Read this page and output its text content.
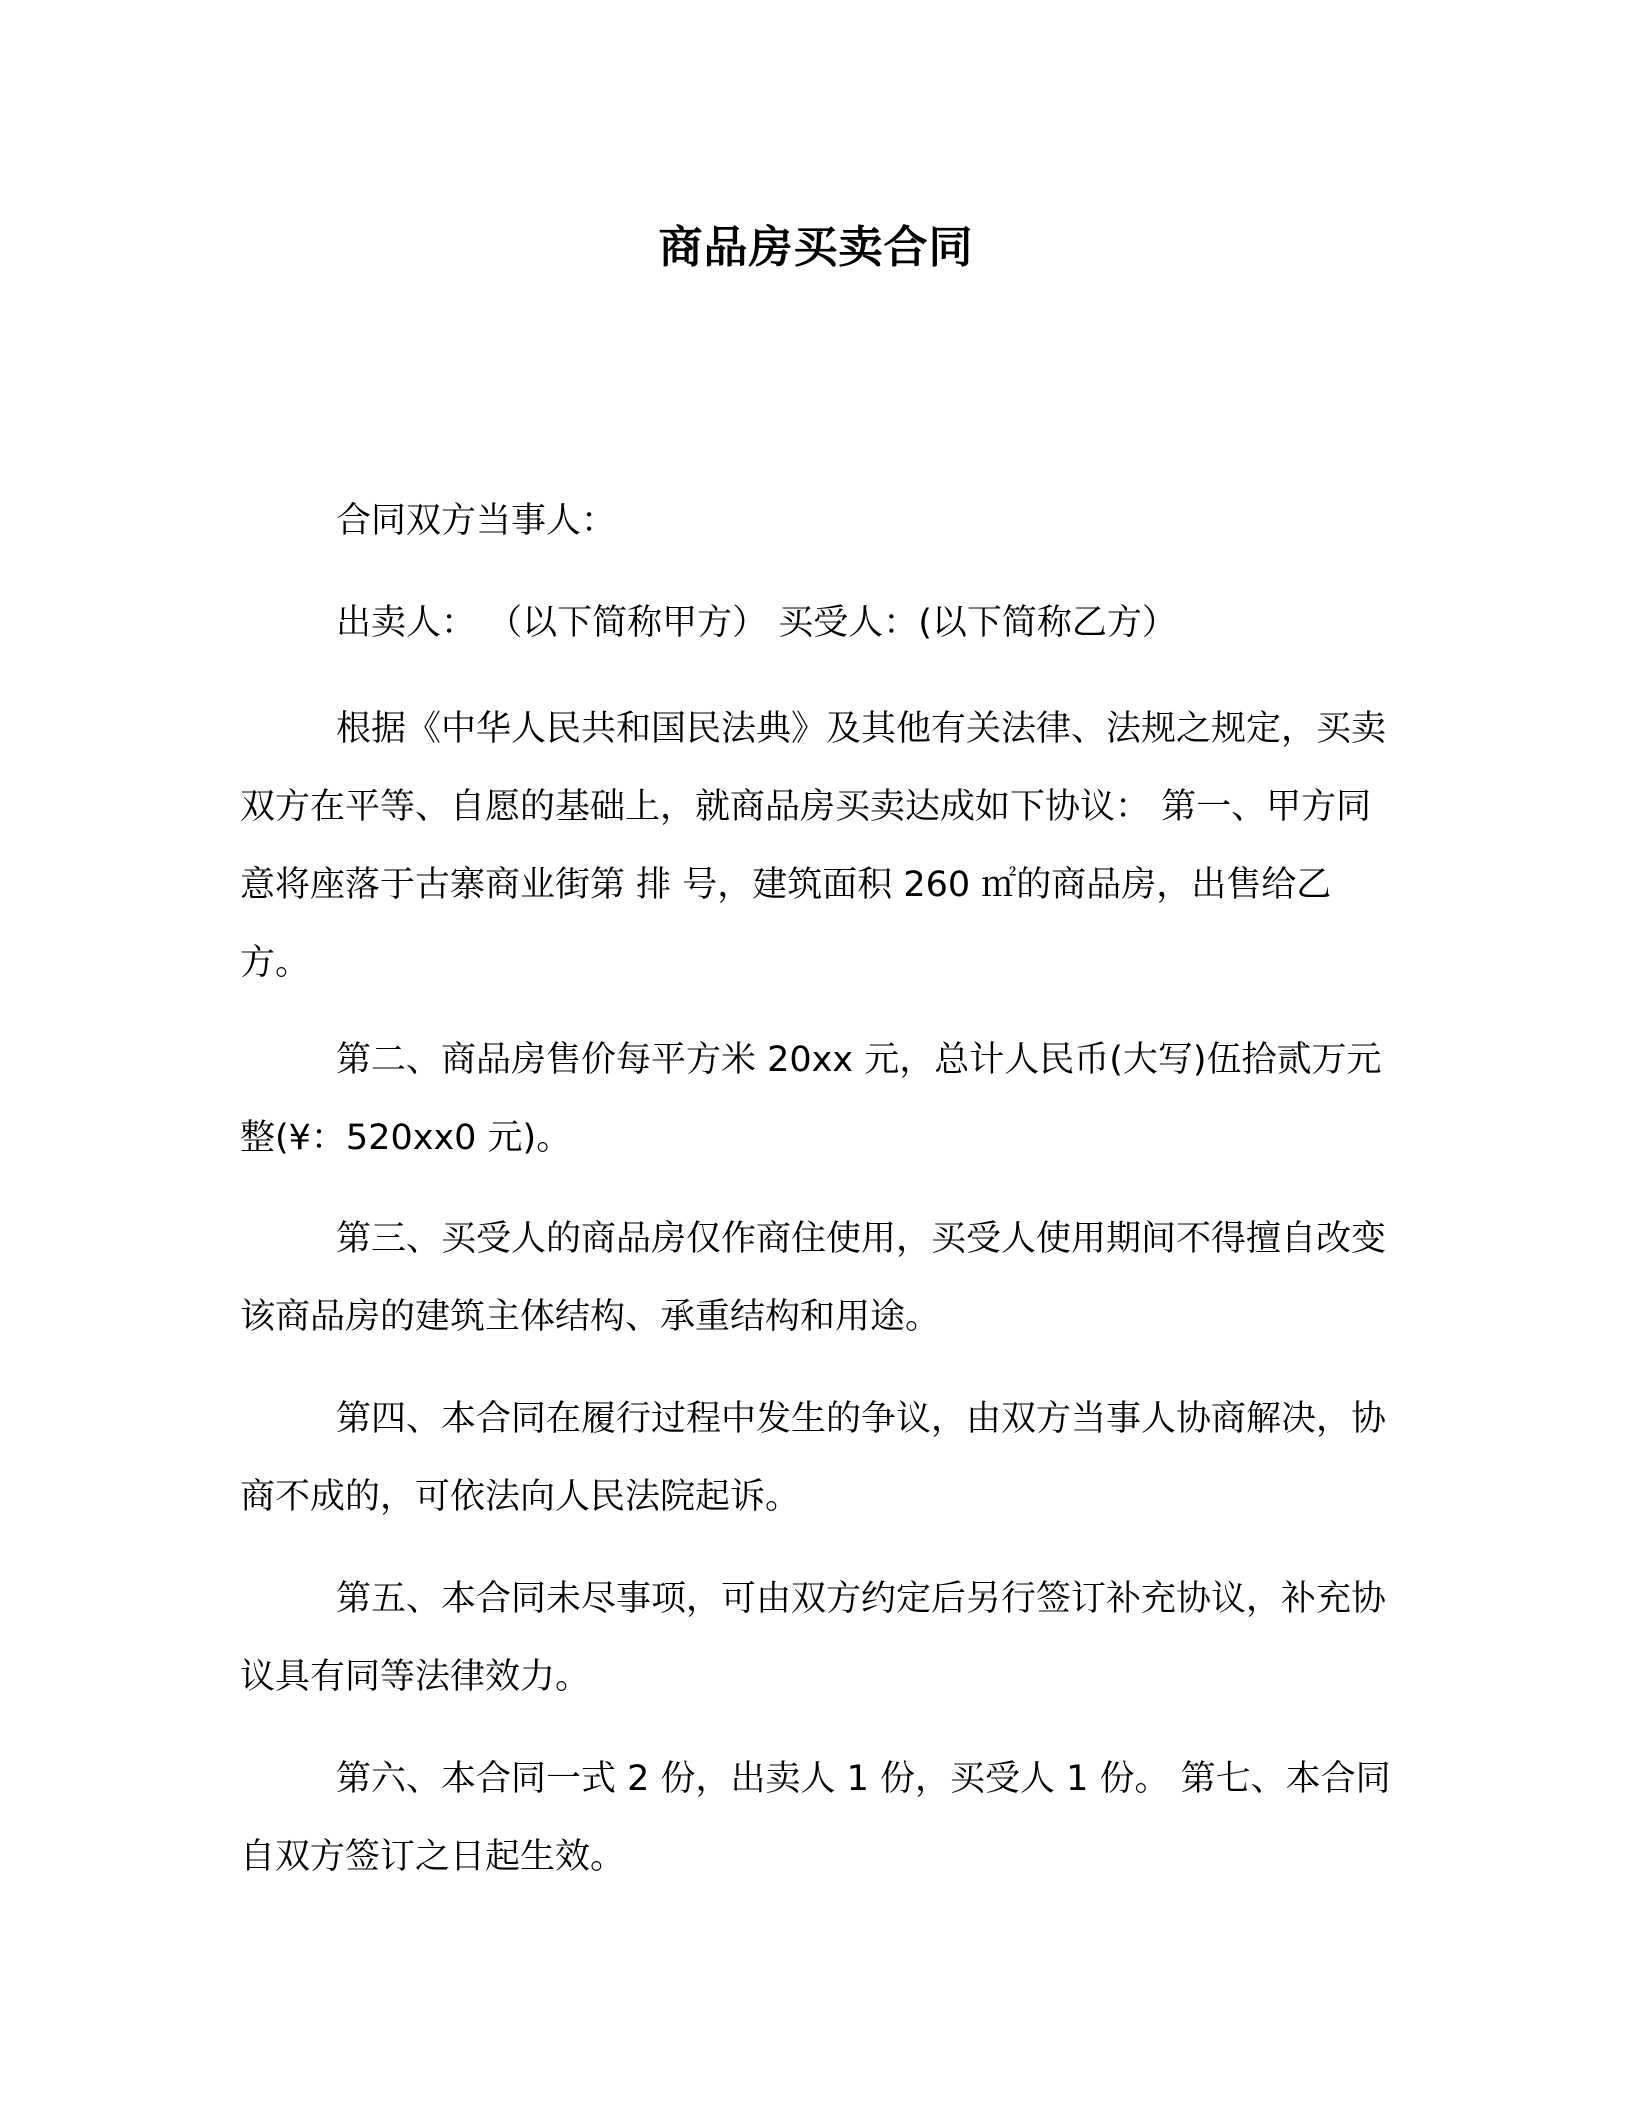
商品房买卖合同

合同双方当事人：

出卖人： （以下简称甲方） 买受人：(以下简称乙方）

根据《中华人民共和国民法典》及其他有关法律、法规之规定，买卖双方在平等、自愿的基础上，就商品房买卖达成如下协议： 第一、甲方同意将座落于古寨商业街第 排 号，建筑面积 260 ㎡的商品房，出售给乙方。

第二、商品房售价每平方米 20xx 元，总计人民币(大写)伍拾贰万元整(¥：520xx0 元)。

第三、买受人的商品房仅作商住使用，买受人使用期间不得擅自改变该商品房的建筑主体结构、承重结构和用途。

第四、本合同在履行过程中发生的争议，由双方当事人协商解决，协商不成的，可依法向人民法院起诉。

第五、本合同未尽事项，可由双方约定后另行签订补充协议，补充协议具有同等法律效力。

第六、本合同一式 2 份，出卖人 1 份，买受人 1 份。 第七、本合同自双方签订之日起生效。
